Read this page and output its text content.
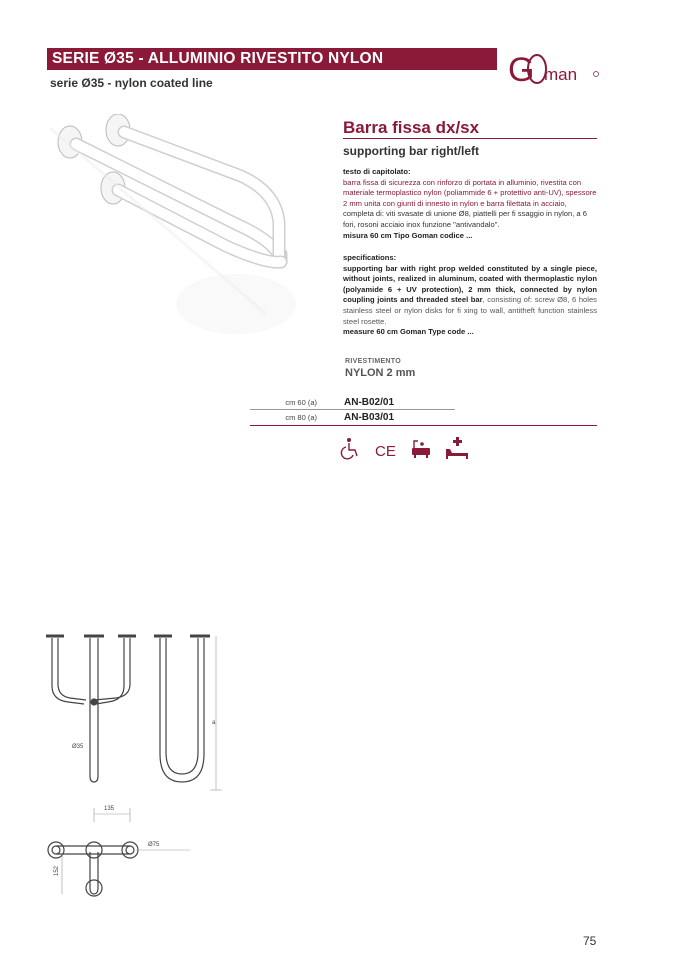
SERIE Ø35 - ALLUMINIO RIVESTITO NYLON
serie Ø35 - nylon coated line	G man
Barra fissa dx/sx
supporting bar right/left
testo di capitolato:
barra fissa di sicurezza con rinforzo di portata in alluminio, rivestita con materiale termoplastico nylon (poliammide 6 + protettivo anti-UV), spessore 2 mm unita con giunti di innesto in nylon e barra filettata in acciaio, completa di: viti svasate di unione Ø8, piattelli per fi ssaggio in nylon, a 6 fori, rosoni acciaio inox funzione "antivandalo".
misura 60 cm Tipo Goman codice ...
specifications:
supporting bar with right prop welded constituted by a single piece, without joints, realized in aluminum, coated with thermoplastic nylon (polyamide 6 + UV protection), 2 mm thick, connected by nylon coupling joints and threaded steel bar, consisting of: screw Ø8, 6 holes stainless steel or nylon disks for fi xing to wall, antitheft function stainless steel rosette.
measure 60 cm Goman Type code ...
RIVESTIMENTO
NYLON 2 mm
cm 60 (a)	AN-B02/01
cm 80 (a)	AN-B03/01
CE
a
Ø35
135
Ø75
152
75
